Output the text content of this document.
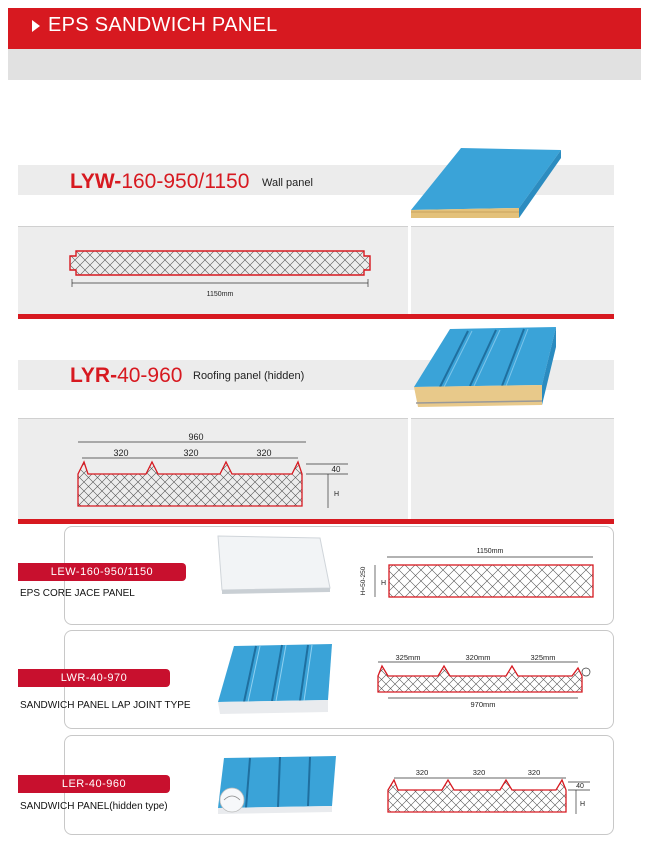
EPS SANDWICH PANEL
LYW-160-950/1150 Wall panel
1150mm
LYR-40-960 Roofing panel (hidden)
960
320	320	320
40
H
LEW-160-950/1150
EPS CORE JACE PANEL
1150mm
H=50-250 H
LWR-40-970
SANDWICH PANEL LAP JOINT TYPE
325mm	320mm	325mm
970mm
LER-40-960
SANDWICH PANEL(hidden type)
320	320	320
40
H
